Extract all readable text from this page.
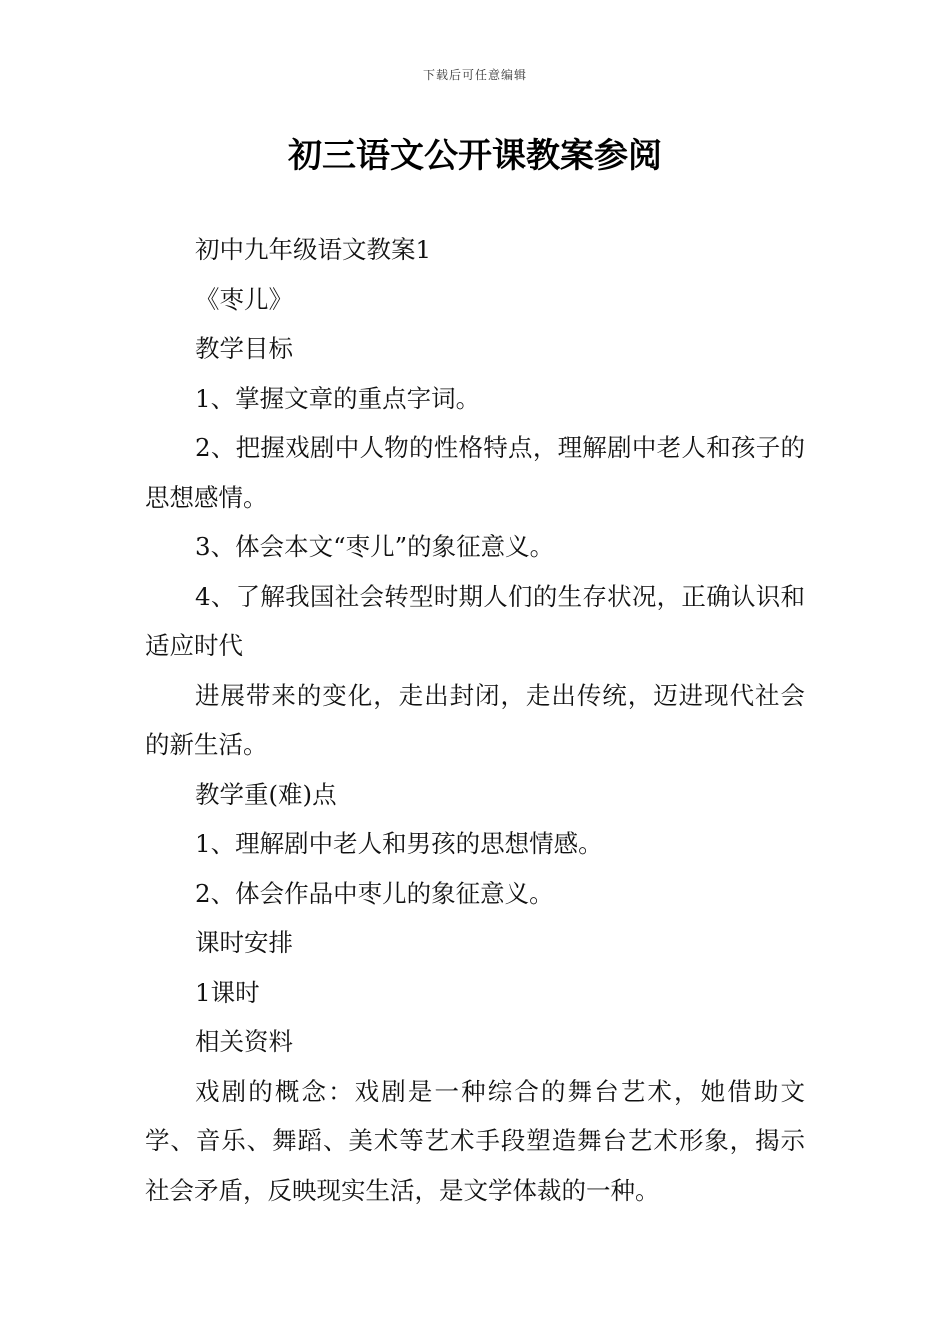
下载后可任意编辑
初三语文公开课教案参阅

初中九年级语文教案1

《枣儿》

教学目标

1、掌握文章的重点字词。

2、把握戏剧中人物的性格特点，理解剧中老人和孩子的思想感情。

3、体会本文“枣儿”的象征意义。

4、了解我国社会转型时期人们的生存状况，正确认识和适应时代

进展带来的变化，走出封闭，走出传统，迈进现代社会的新生活。

教学重(难)点

1、理解剧中老人和男孩的思想情感。

2、体会作品中枣儿的象征意义。

课时安排

1课时

相关资料

戏剧的概念：戏剧是一种综合的舞台艺术，她借助文学、音乐、舞蹈、美术等艺术手段塑造舞台艺术形象，揭示社会矛盾，反映现实生活，是文学体裁的一种。
